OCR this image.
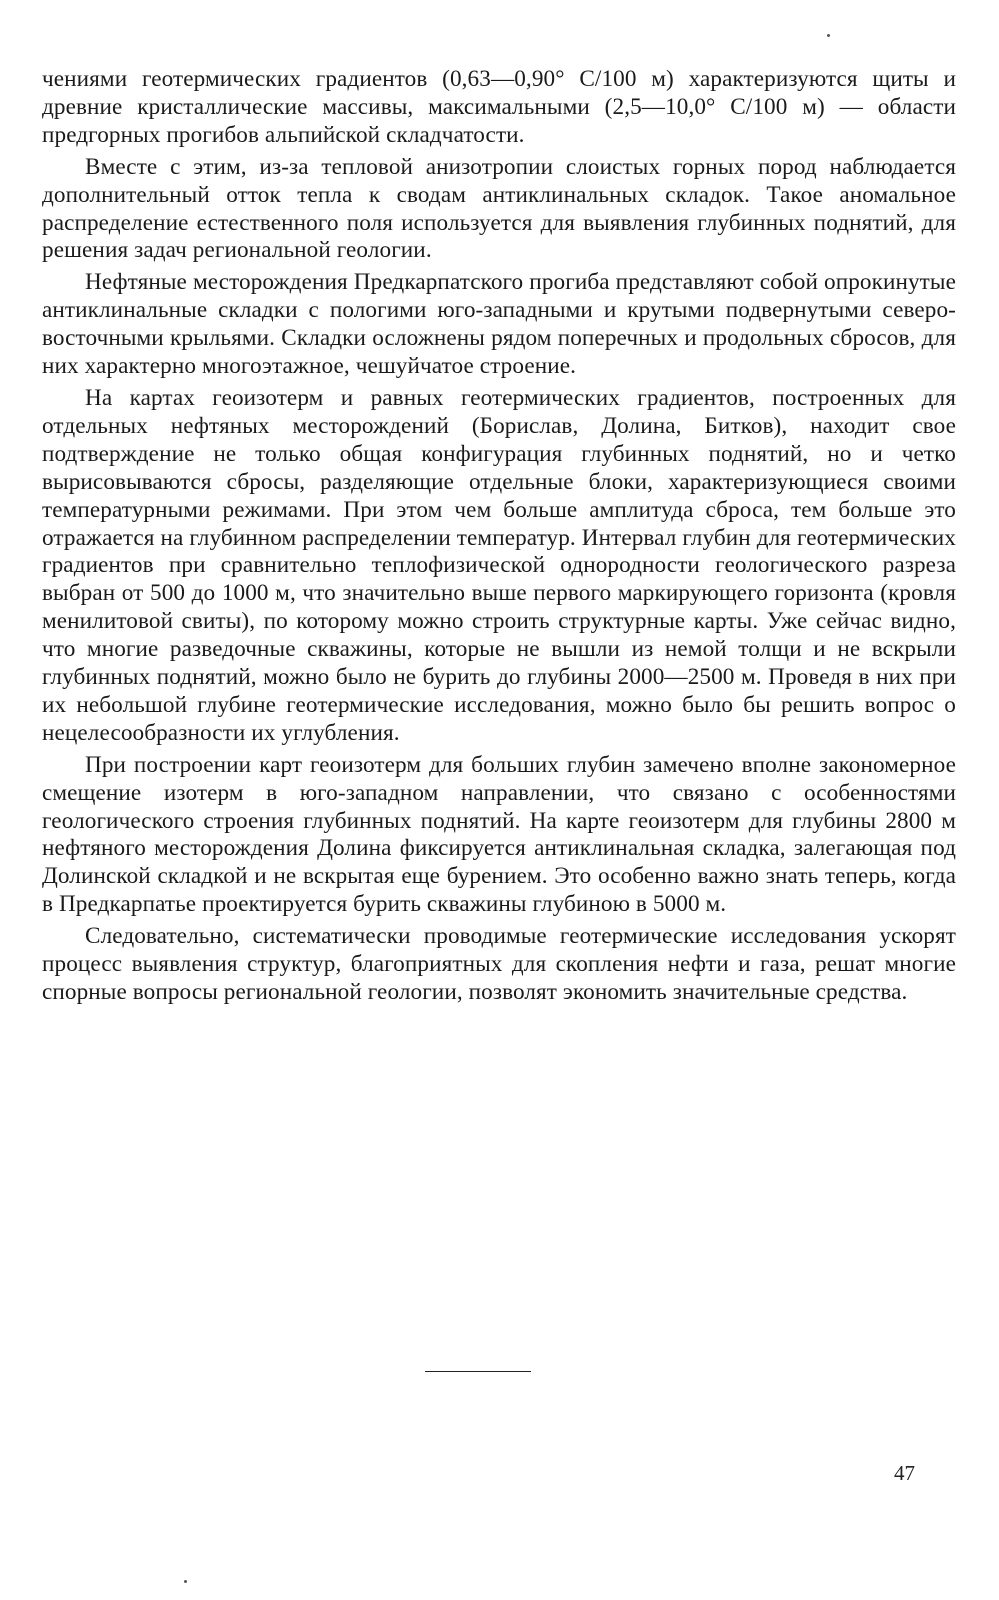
чениями геотермических градиентов (0,63—0,90° C/100 м) характеризуются щиты и древние кристаллические массивы, максимальными (2,5—10,0° C/100 м) — области предгорных прогибов альпийской складчатости.

Вместе с этим, из-за тепловой анизотропии слоистых горных пород наблюдается дополнительный отток тепла к сводам антиклинальных складок. Такое аномальное распределение естественного поля используется для выявления глубинных поднятий, для решения задач региональной геологии.

Нефтяные месторождения Предкарпатского прогиба представляют собой опрокинутые антиклинальные складки с пологими юго-западными и крутыми подвернутыми северо-восточными крыльями. Складки осложнены рядом поперечных и продольных сбросов, для них характерно многоэтажное, чешуйчатое строение.

На картах геоизотерм и равных геотермических градиентов, построенных для отдельных нефтяных месторождений (Борислав, Долина, Битков), находит свое подтверждение не только общая конфигурация глубинных поднятий, но и четко вырисовываются сбросы, разделяющие отдельные блоки, характеризующиеся своими температурными режимами. При этом чем больше амплитуда сброса, тем больше это отражается на глубинном распределении температур. Интервал глубин для геотермических градиентов при сравнительно теплофизической однородности геологического разреза выбран от 500 до 1000 м, что значительно выше первого маркирующего горизонта (кровля менилитовой свиты), по которому можно строить структурные карты. Уже сейчас видно, что многие разведочные скважины, которые не вышли из немой толщи и не вскрыли глубинных поднятий, можно было не бурить до глубины 2000—2500 м. Проведя в них при их небольшой глубине геотермические исследования, можно было бы решить вопрос о нецелесообразности их углубления.

При построении карт геоизотерм для больших глубин замечено вполне закономерное смещение изотерм в юго-западном направлении, что связано с особенностями геологического строения глубинных поднятий. На карте геоизотерм для глубины 2800 м нефтяного месторождения Долина фиксируется антиклинальная складка, залегающая под Долинской складкой и не вскрытая еще бурением. Это особенно важно знать теперь, когда в Предкарпатье проектируется бурить скважины глубиною в 5000 м.

Следовательно, систематически проводимые геотермические исследования ускорят процесс выявления структур, благоприятных для скопления нефти и газа, решат многие спорные вопросы региональной геологии, позволят экономить значительные средства.

47
